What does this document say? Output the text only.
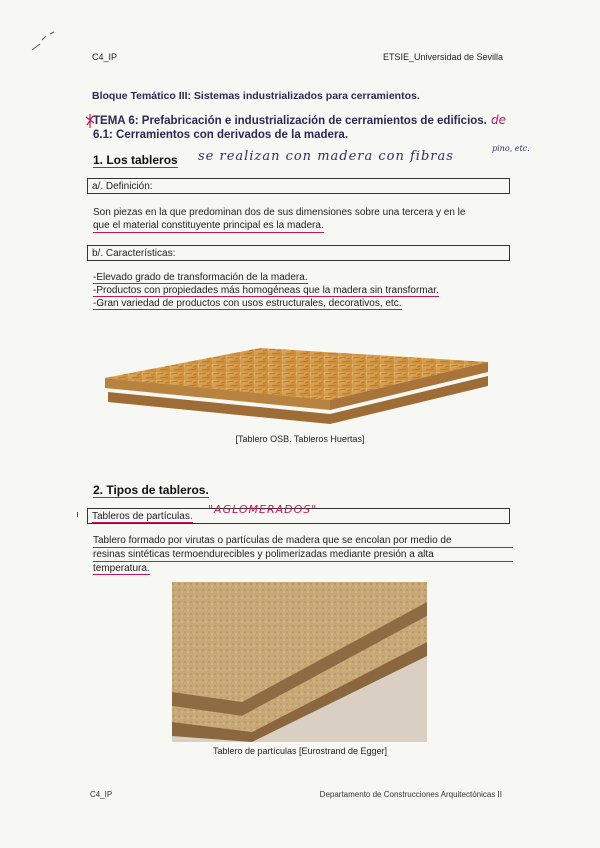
C4_IP	ETSIE_Universidad de Sevilla
Bloque Temático III: Sistemas industrializados para cerramientos.
TEMA 6: Prefabricación e industrialización de cerramientos de edificios.
6.1: Cerramientos con derivados de la madera.
de
1. Los tableros se realizan con madera con fibras
pino, etc.
a/. Definición:
Son piezas en la que predominan dos de sus dimensiones sobre una tercera y en le
que el material constituyente principal es la madera.
b/. Características:
-Elevado grado de transformación de la madera.
-Productos con propiedades más homogéneas que la madera sin transformar.
-Gran variedad de productos con usos estructurales, decorativos, etc.
[Tablero OSB. Tableros Huertas]
2. Tipos de tableros.
Tableros de partículas.
"AGLOMERADOS"
Tablero formado por virutas o partículas de madera que se encolan por medio de
resinas sintéticas termoendurecibles y polimerizadas mediante presión a alta
temperatura.
Tablero de partículas [Eurostrand de Egger]
C4_IP	Departamento de Construcciones Arquitectónicas II
